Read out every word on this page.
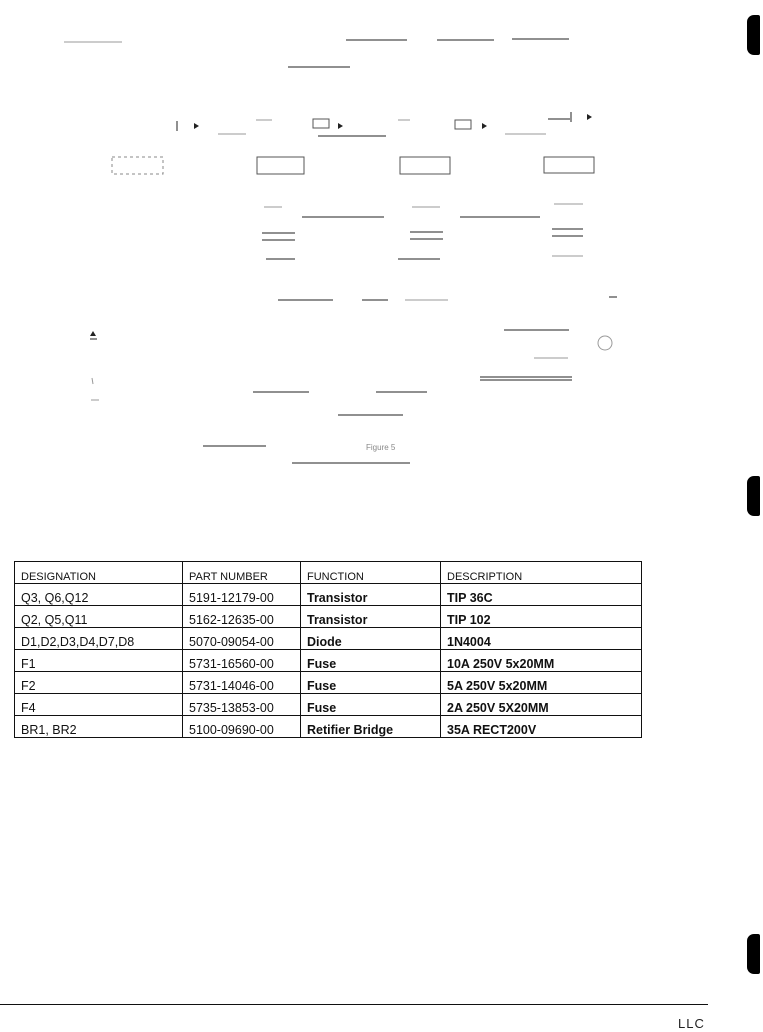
Figure 5
DESIGNATION	PART NUMBER	FUNCTION	DESCRIPTION
Q3, Q6,Q12	5191-12179-00	Transistor	TIP 36C
Q2, Q5,Q11	5162-12635-00	Transistor	TIP 102
D1,D2,D3,D4,D7,D8	5070-09054-00	Diode	1N4004
F1	5731-16560-00	Fuse	10A 250V 5x20MM
F2	5731-14046-00	Fuse	5A 250V 5x20MM
F4	5735-13853-00	Fuse	2A 250V 5X20MM
BR1, BR2	5100-09690-00	Retifier Bridge	35A RECT200V
LLC
